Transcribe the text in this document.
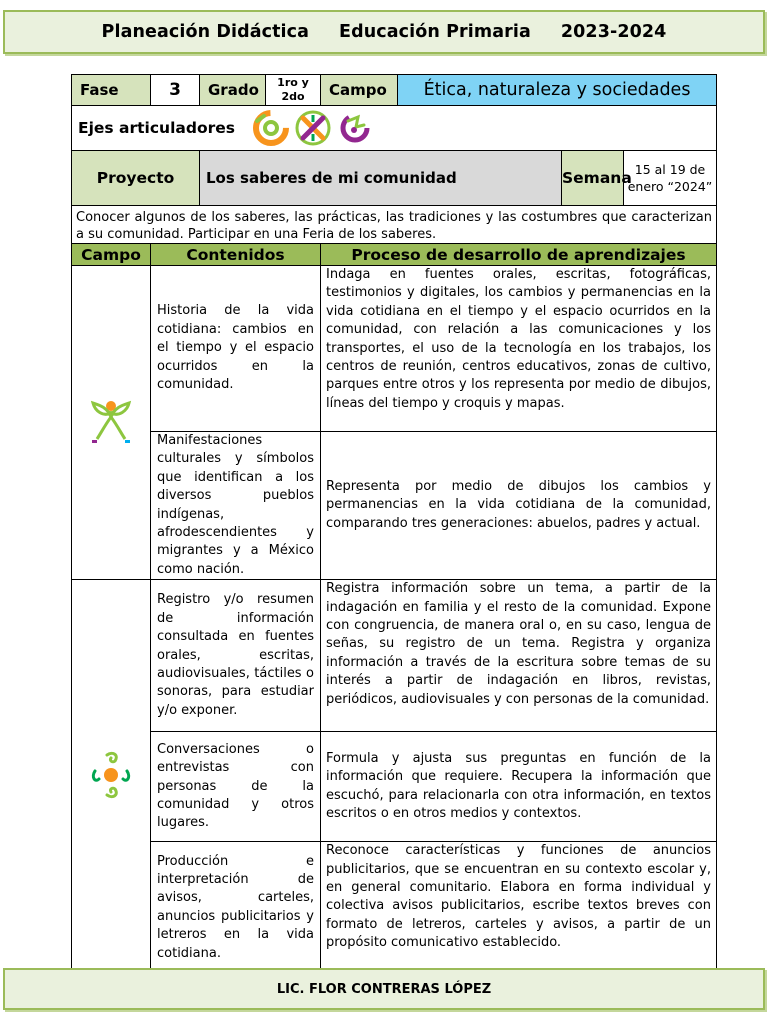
Planeación Didáctica Educación Primaria 2023-2024
Fase	3	Grado	1ro y
2do	Campo	Ética, naturaleza y sociedades		

Ejes articuladores							

Proyecto		Los saberes de mi comunidad				Semana	15 al 19 de
enero “2024”

Conocer algunos de los saberes, las prácticas, las tradiciones y las costumbres que caracterizan a su comunidad. Participar en una Feria de los saberes.							
Campo	Contenidos			Proceso de desarrollo de aprendizajes			
	Historia de la vida cotidiana: cambios en el tiempo y el espacio ocurridos en la comunidad.			Indaga en fuentes orales, escritas, fotográficas, testimonios y digitales, los cambios y permanencias en la vida cotidiana en el tiempo y el espacio ocurridos en la comunidad, con relación a las comunicaciones y los transportes, el uso de la tecnología en los trabajos, los centros de reunión, centros educativos, zonas de cultivo, parques entre otros y los representa por medio de dibujos, líneas del tiempo y croquis y mapas.			
	Manifestaciones culturales y símbolos que identifican a los diversos pueblos indígenas, afrodescendientes y migrantes y a México como nación.			Representa por medio de dibujos los cambios y permanencias en la vida cotidiana de la comunidad, comparando tres generaciones: abuelos, padres y actual.			
	Registro y/o resumen de información consultada en fuentes orales, escritas, audiovisuales, táctiles o sonoras, para estudiar y/o exponer.			Registra información sobre un tema, a partir de la indagación en familia y el resto de la comunidad. Expone con congruencia, de manera oral o, en su caso, lengua de señas, su registro de un tema. Registra y organiza información a través de la escritura sobre temas de su interés a partir de indagación en libros, revistas, periódicos, audiovisuales y con personas de la comunidad.			
	Conversaciones o entrevistas con personas de la comunidad y otros lugares.			Formula y ajusta sus preguntas en función de la información que requiere. Recupera la información que escuchó, para relacionarla con otra información, en textos escritos o en otros medios y contextos.			
	Producción e interpretación de avisos, carteles, anuncios publicitarios y letreros en la vida cotidiana.			Reconoce características y funciones de anuncios publicitarios, que se encuentran en su contexto escolar y, en general comunitario. Elabora en forma individual y colectiva avisos publicitarios, escribe textos breves con formato de letreros, carteles y avisos, a partir de un propósito comunicativo establecido.			
LIC. FLOR CONTRERAS LÓPEZ
